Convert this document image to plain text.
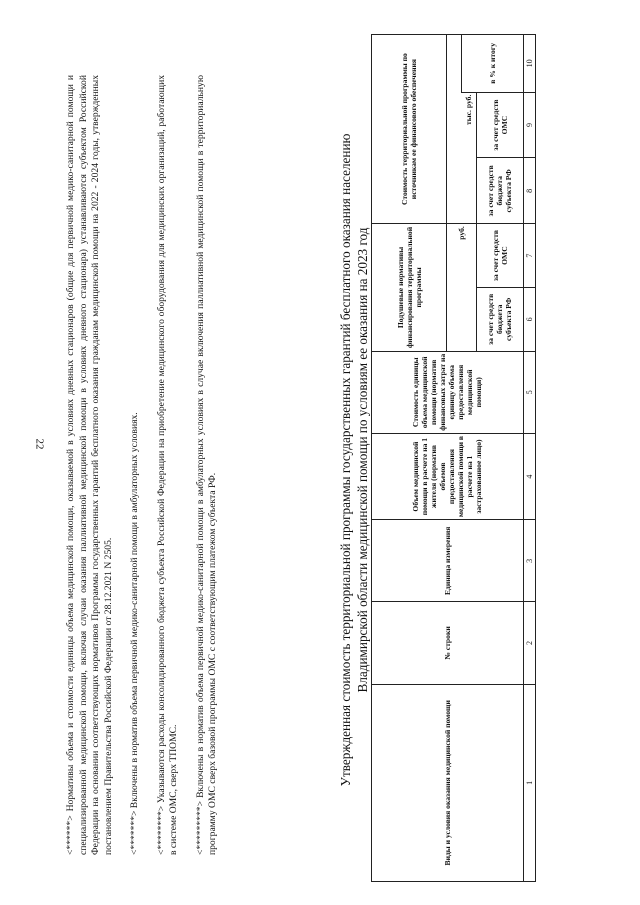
22 <******> Нормативы объема и стоимости единицы объема медицинской помощи, оказываемой в условиях дневных стационаров (общие для первичной медико-санитарной помощи и специализированной медицинской помощи, включая случаи оказания паллиативной медицинской помощи в условиях дневного стационара) устанавливаются субъектом Российской Федерации на основании соответствующих нормативов Программы государственных гарантий бесплатного оказания гражданам медицинской помощи на 2022 - 2024 годы, утвержденных постановлением Правительства Российской Федерации от 28.12.2021 N 2505. <*******> Включены в норматив объема первичной медико-санитарной помощи в амбулаторных условиях. <********> Указываются расходы консолидированного бюджета субъекта Российской Федерации на приобретение медицинского оборудования для медицинских организаций, работающих в системе ОМС, сверх ТПОМС. <*********> Включены в норматив объема первичной медико-санитарной помощи в амбулаторных условиях в случае включения паллиативной медицинской помощи в территориальную программу ОМС сверх базовой программы ОМС с соответствующим платежом субъекта РФ.	Утвержденная стоимость территориальной программы государственных гарантий бесплатного оказания населению Владимирской области медицинской помощи по условиям ее оказания на 2023 год
Виды и условия оказания медицинской помощи	№ строки	Единица измерения	Объем медицинской помощи в расчете на 1 жителя (норматив объемов предоставления медицинской помощи в расчете на 1 застрахованное лицо)	Стоимость единицы объема медицинской помощи (норматив финансовых затрат на единицу объема предоставления медицинской помощи)	Подушевые нормативы финансирования территориальной программы		Стоимость территориальной программы по источникам ее финансового обеспечения		
					руб.				
							тыс. руб.		в % к итогу
					за счет средств бюджета субъекта РФ	за счет средств ОМС	за счет средств бюджета субъекта РФ	за счет средств ОМС	
1	2	3	4	5	6	7	8	9	10
